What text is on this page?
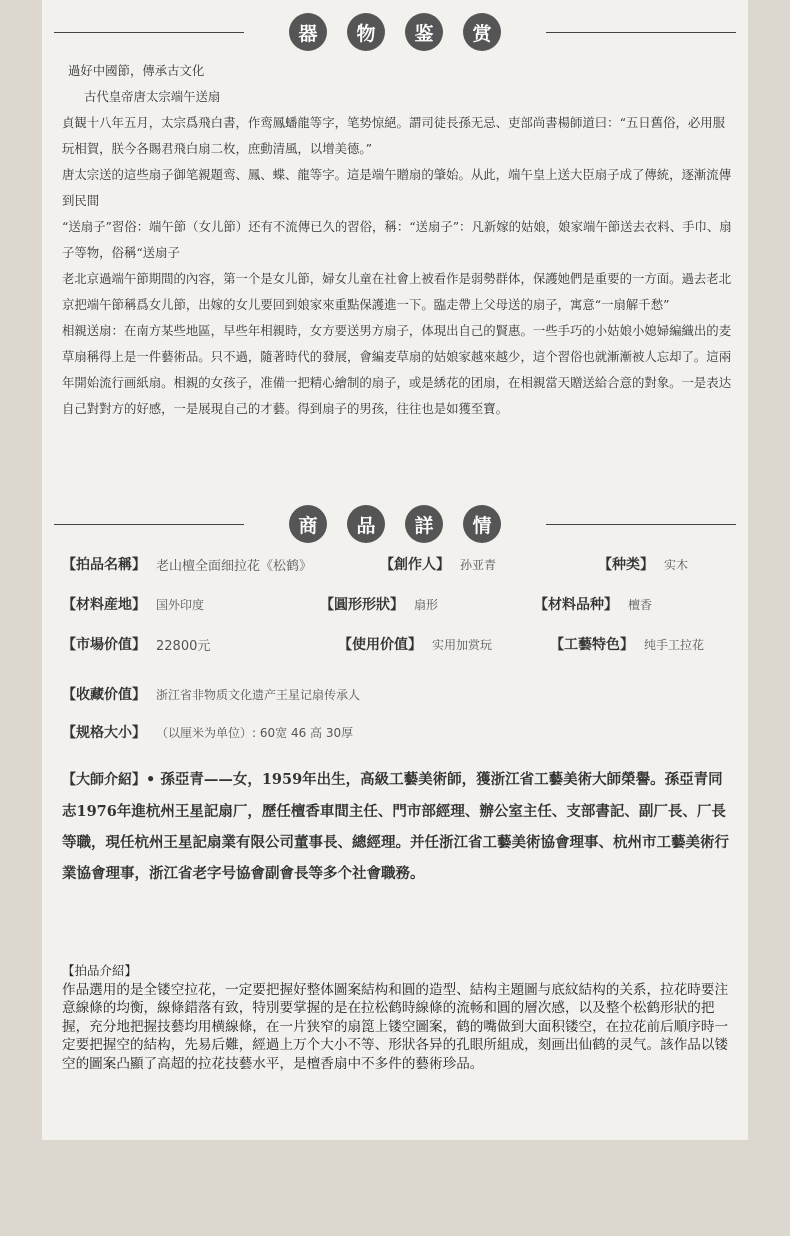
器	物	鉴	赏

過好中國節，傳承古文化

古代皇帝唐太宗端午送扇

貞観十八年五月，太宗爲飛白書，作鸾鳳蟠龍等字，笔势惊絕。謂司徒長孫无忌、吏部尚書楊師道曰：“五日舊俗，必用服玩相賀，朕今各賜君飛白扇二枚，庶動清風，以增美德。”

唐太宗送的這些扇子御笔親題鸾、鳳、蝶、龍等字。這是端午贈扇的肇始。从此，端午皇上送大臣扇子成了傳統，逐漸流傳到民間

“送扇子”習俗：端午節（女儿節）还有不流傳已久的習俗，稱：“送扇子”：凡新嫁的姑娘，娘家端午節送去衣料、手巾、扇子等物，俗稱“送扇子

老北京過端午節期間的內容，第一个是女儿節，婦女儿童在社會上被看作是弱勢群体，保護她們是重要的一方面。過去老北京把端午節稱爲女儿節，出嫁的女儿要回到娘家來重點保護進一下。臨走帶上父母送的扇子，寓意“一扇解千愁”

相親送扇：在南方某些地區，早些年相親時，女方要送男方扇子，体現出自己的賢惠。一些手巧的小姑娘小媳婦編織出的麦草扇稱得上是一件藝術品。只不過，隨著時代的發展，會編麦草扇的姑娘家越來越少，這个習俗也就漸漸被人忘却了。這兩年開始流行画紙扇。相親的女孩子，准備一把精心繪制的扇子，或是綉花的团扇，在相親當天贈送給合意的對象。一是表达自己對對方的好感，一是展現自己的才藝。得到扇子的男孩，往往也是如獲至寶。

商	品	詳	情
【拍品名稱】 老山檀全面细拉花《松鹤》	【創作人】 孙亚青	【种类】 实木
【材料産地】 国外印度	【圓形形狀】 扇形	【材料品种】 檀香
【市場价值】 22800元	【使用价值】 实用加赏玩	【工藝特色】 纯手工拉花
【收藏价值】 浙江省非物质文化遗产王星记扇传承人
【规格大小】 （以厘米为单位）: 60宽 46 高 30厚
【大師介紹】• 孫亞青——女，1959年出生，高級工藝美術師，獲浙江省工藝美術大師榮譽。孫亞青同志1976年進杭州王星記扇厂，歷任檀香車間主任、門市部經理、辦公室主任、支部書記、副厂長、厂長等職，現任杭州王星記扇業有限公司董事長、總經理。并任浙江省工藝美術協會理事、杭州市工藝美術行業協會理事，浙江省老字号協會副會長等多个社會職務。
【拍品介紹】
作品選用的是全镂空拉花，一定要把握好整体圖案結构和圓的造型、結构主題圖与底紋結构的关系，拉花時要注意線條的均衡，線條錯落有致，特別要掌握的是在拉松鹤時線條的流畅和圓的層次感，以及整个松鹤形狀的把握，充分地把握技藝均用横線條，在一片狭窄的扇箆上镂空圖案，鹤的嘴做到大面积镂空，在拉花前后順序時一定要把握空的結构，先易后難，經過上万个大小不等、形狀各异的孔眼所組成，刻画出仙鹤的灵气。該作品以镂空的圖案凸顯了高超的拉花技藝水平，是檀香扇中不多件的藝術珍品。
